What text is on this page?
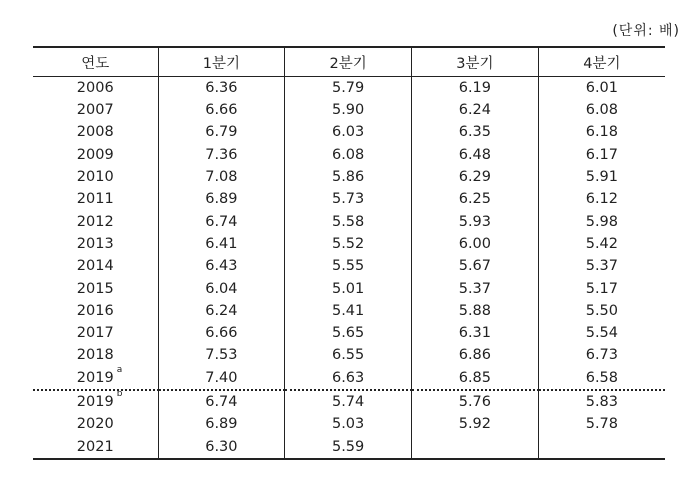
(단위: 배)
연도	1분기	2분기	3분기	4분기
2006	6.36	5.79	6.19	6.01
2007	6.66	5.90	6.24	6.08
2008	6.79	6.03	6.35	6.18
2009	7.36	6.08	6.48	6.17
2010	7.08	5.86	6.29	5.91
2011	6.89	5.73	6.25	6.12
2012	6.74	5.58	5.93	5.98
2013	6.41	5.52	6.00	5.42
2014	6.43	5.55	5.67	5.37
2015	6.04	5.01	5.37	5.17
2016	6.24	5.41	5.88	5.50
2017	6.66	5.65	6.31	5.54
2018	7.53	6.55	6.86	6.73
2019 a	7.40	6.63	6.85	6.58
2019 b	6.74	5.74	5.76	5.83
2020	6.89	5.03	5.92	5.78
2021	6.30	5.59		
